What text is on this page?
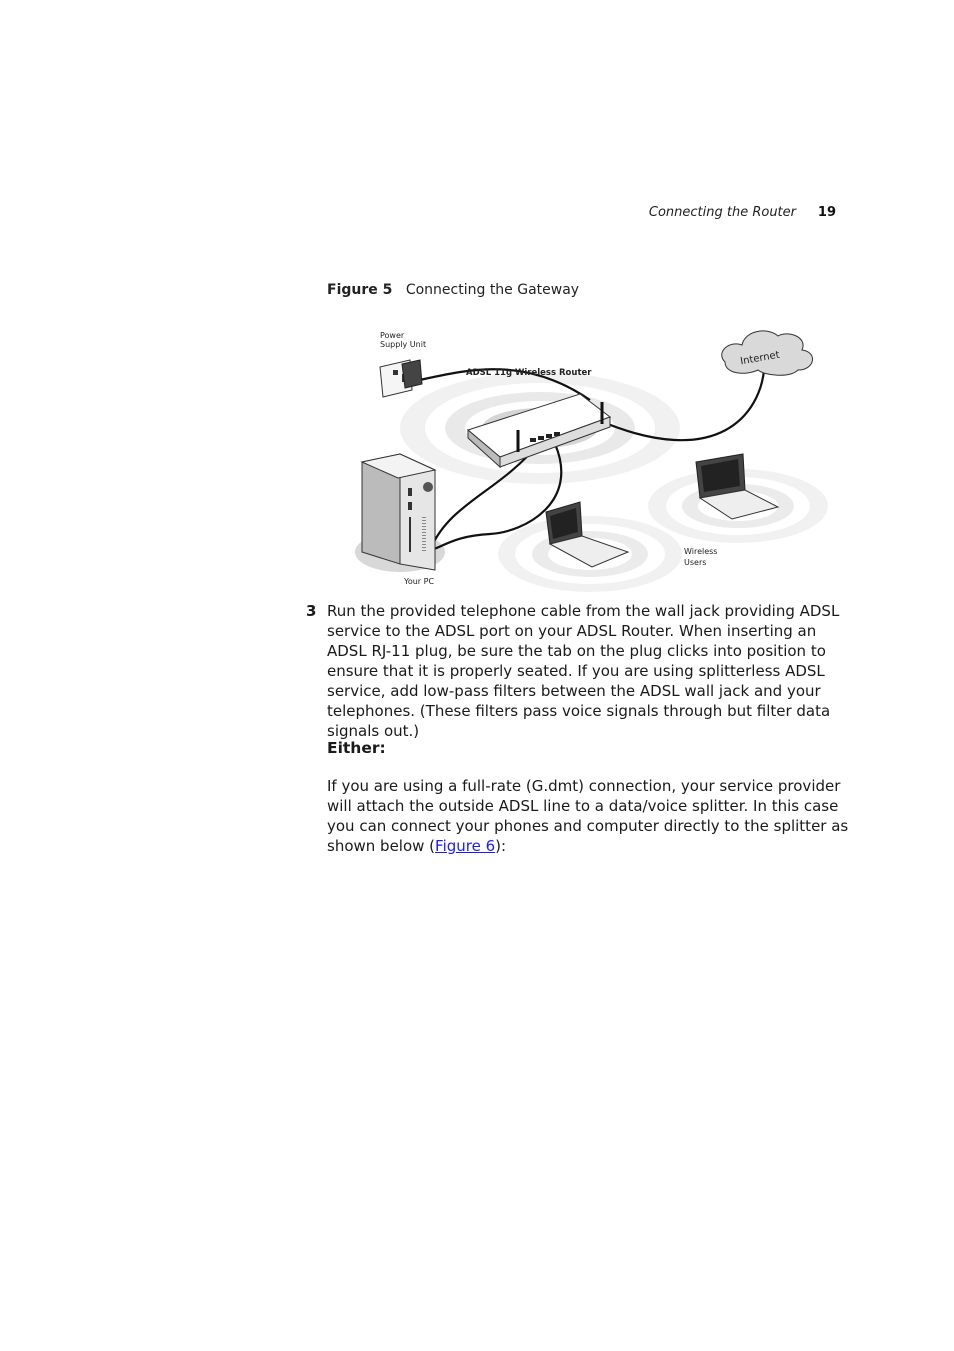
Connecting the Router	19
Figure 5 Connecting the Gateway
Power
Supply Unit
ADSL 11g Wireless Router
Internet
Wireless
Users
Your PC
3 Run the provided telephone cable from the wall jack providing ADSL service to the ADSL port on your ADSL Router. When inserting an ADSL RJ-11 plug, be sure the tab on the plug clicks into position to ensure that it is properly seated. If you are using splitterless ADSL service, add low-pass filters between the ADSL wall jack and your telephones. (These filters pass voice signals through but filter data signals out.)
Either:
If you are using a full-rate (G.dmt) connection, your service provider will attach the outside ADSL line to a data/voice splitter. In this case you can connect your phones and computer directly to the splitter as shown below (Figure 6):
